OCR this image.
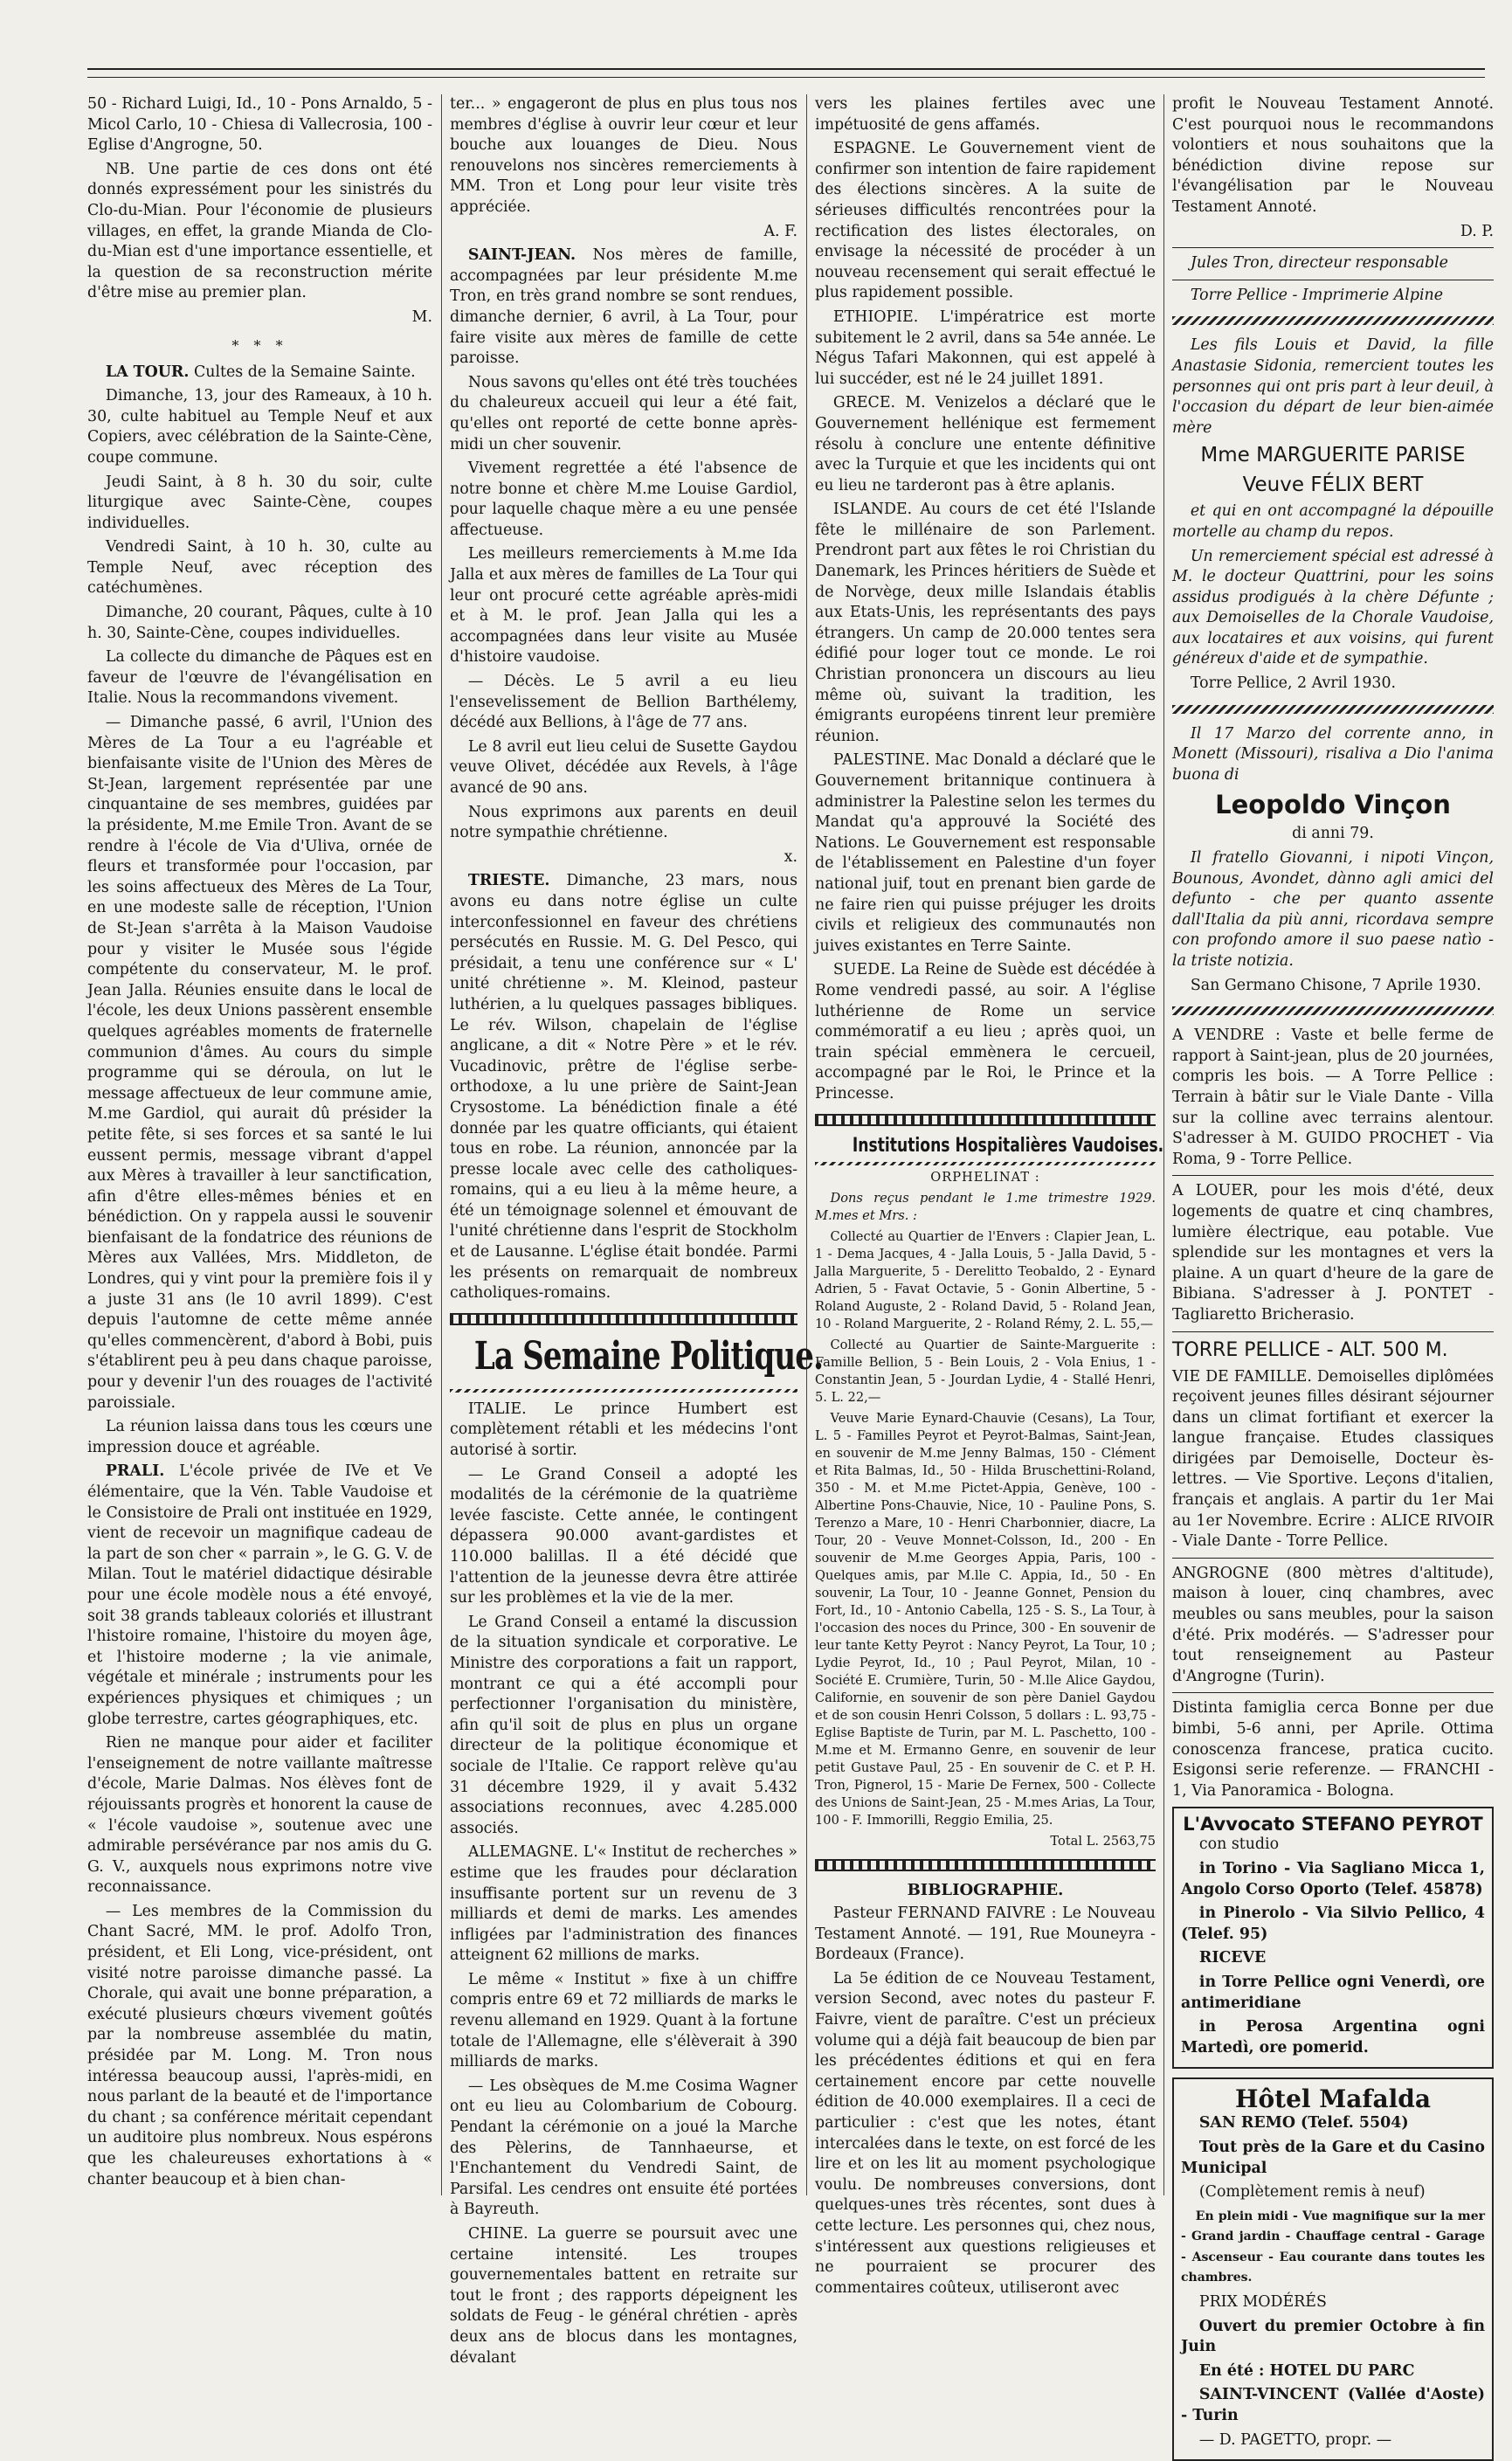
50 - Richard Luigi, Id., 10 - Pons Arnaldo, 5 - Micol Carlo, 10 - Chiesa di Vallecrosia, 100 - Eglise d'Angrogne, 50.

NB. Une partie de ces dons ont été donnés expressément pour les sinistrés du Clo-du-Mian. Pour l'économie de plusieurs villages, en effet, la grande Mianda de Clo-du-Mian est d'une importance essentielle, et la question de sa reconstruction mérite d'être mise au premier plan.

M.

* * *

LA TOUR. Cultes de la Semaine Sainte.

Dimanche, 13, jour des Rameaux, à 10 h. 30, culte habituel au Temple Neuf et aux Copiers, avec célébration de la Sainte-Cène, coupe commune.

Jeudi Saint, à 8 h. 30 du soir, culte liturgique avec Sainte-Cène, coupes individuelles.

Vendredi Saint, à 10 h. 30, culte au Temple Neuf, avec réception des catéchumènes.

Dimanche, 20 courant, Pâques, culte à 10 h. 30, Sainte-Cène, coupes individuelles.

La collecte du dimanche de Pâques est en faveur de l'œuvre de l'évangélisation en Italie. Nous la recommandons vivement.

— Dimanche passé, 6 avril, l'Union des Mères de La Tour a eu l'agréable et bienfaisante visite de l'Union des Mères de St-Jean, largement représentée par une cinquantaine de ses membres, guidées par la présidente, M.me Emile Tron. Avant de se rendre à l'école de Via d'Uliva, ornée de fleurs et transformée pour l'occasion, par les soins affectueux des Mères de La Tour, en une modeste salle de réception, l'Union de St-Jean s'arrêta à la Maison Vaudoise pour y visiter le Musée sous l'égide compétente du conservateur, M. le prof. Jean Jalla. Réunies ensuite dans le local de l'école, les deux Unions passèrent ensemble quelques agréables moments de fraternelle communion d'âmes. Au cours du simple programme qui se déroula, on lut le message affectueux de leur commune amie, M.me Gardiol, qui aurait dû présider la petite fête, si ses forces et sa santé le lui eussent permis, message vibrant d'appel aux Mères à travailler à leur sanctification, afin d'être elles-mêmes bénies et en bénédiction. On y rappela aussi le souvenir bienfaisant de la fondatrice des réunions de Mères aux Vallées, Mrs. Middleton, de Londres, qui y vint pour la première fois il y a juste 31 ans (le 10 avril 1899). C'est depuis l'automne de cette même année qu'elles commencèrent, d'abord à Bobi, puis s'établirent peu à peu dans chaque paroisse, pour y devenir l'un des rouages de l'activité paroissiale.

La réunion laissa dans tous les cœurs une impression douce et agréable.

PRALI. L'école privée de IVe et Ve élémentaire, que la Vén. Table Vaudoise et le Consistoire de Prali ont instituée en 1929, vient de recevoir un magnifique cadeau de la part de son cher « parrain », le G. G. V. de Milan. Tout le matériel didactique désirable pour une école modèle nous a été envoyé, soit 38 grands tableaux coloriés et illustrant l'histoire romaine, l'histoire du moyen âge, et l'histoire moderne ; la vie animale, végétale et minérale ; instruments pour les expériences physiques et chimiques ; un globe terrestre, cartes géographiques, etc.

Rien ne manque pour aider et faciliter l'enseignement de notre vaillante maîtresse d'école, Marie Dalmas. Nos élèves font de réjouissants progrès et honorent la cause de « l'école vaudoise », soutenue avec une admirable persévérance par nos amis du G. G. V., auxquels nous exprimons notre vive reconnaissance.

— Les membres de la Commission du Chant Sacré, MM. le prof. Adolfo Tron, président, et Eli Long, vice-président, ont visité notre paroisse dimanche passé. La Chorale, qui avait une bonne préparation, a exécuté plusieurs chœurs vivement goûtés par la nombreuse assemblée du matin, présidée par M. Long. M. Tron nous intéressa beaucoup aussi, l'après-midi, en nous parlant de la beauté et de l'importance du chant ; sa conférence méritait cependant un auditoire plus nombreux. Nous espérons que les chaleureuses exhortations à « chanter beaucoup et à bien chan-

ter... » engageront de plus en plus tous nos membres d'église à ouvrir leur cœur et leur bouche aux louanges de Dieu. Nous renouvelons nos sincères remerciements à MM. Tron et Long pour leur visite très appréciée.

A. F.

SAINT-JEAN. Nos mères de famille, accompagnées par leur présidente M.me Tron, en très grand nombre se sont rendues, dimanche dernier, 6 avril, à La Tour, pour faire visite aux mères de famille de cette paroisse.

Nous savons qu'elles ont été très touchées du chaleureux accueil qui leur a été fait, qu'elles ont reporté de cette bonne après-midi un cher souvenir.

Vivement regrettée a été l'absence de notre bonne et chère M.me Louise Gardiol, pour laquelle chaque mère a eu une pensée affectueuse.

Les meilleurs remerciements à M.me Ida Jalla et aux mères de familles de La Tour qui leur ont procuré cette agréable après-midi et à M. le prof. Jean Jalla qui les a accompagnées dans leur visite au Musée d'histoire vaudoise.

— Décès. Le 5 avril a eu lieu l'ensevelissement de Bellion Barthélemy, décédé aux Bellions, à l'âge de 77 ans.

Le 8 avril eut lieu celui de Susette Gaydou veuve Olivet, décédée aux Revels, à l'âge avancé de 90 ans.

Nous exprimons aux parents en deuil notre sympathie chrétienne.

x.

TRIESTE. Dimanche, 23 mars, nous avons eu dans notre église un culte interconfessionnel en faveur des chrétiens persécutés en Russie. M. G. Del Pesco, qui présidait, a tenu une conférence sur « L' unité chrétienne ». M. Kleinod, pasteur luthérien, a lu quelques passages bibliques. Le rév. Wilson, chapelain de l'église anglicane, a dit « Notre Père » et le rév. Vucadinovic, prêtre de l'église serbe-orthodoxe, a lu une prière de Saint-Jean Crysostome. La bénédiction finale a été donnée par les quatre officiants, qui étaient tous en robe. La réunion, annoncée par la presse locale avec celle des catholiques-romains, qui a eu lieu à la même heure, a été un témoignage solennel et émouvant de l'unité chrétienne dans l'esprit de Stockholm et de Lausanne. L'église était bondée. Parmi les présents on remarquait de nombreux catholiques-romains.

La Semaine Politique.

ITALIE. Le prince Humbert est complètement rétabli et les médecins l'ont autorisé à sortir.

— Le Grand Conseil a adopté les modalités de la cérémonie de la quatrième levée fasciste. Cette année, le contingent dépassera 90.000 avant-gardistes et 110.000 balillas. Il a été décidé que l'attention de la jeunesse devra être attirée sur les problèmes et la vie de la mer.

Le Grand Conseil a entamé la discussion de la situation syndicale et corporative. Le Ministre des corporations a fait un rapport, montrant ce qui a été accompli pour perfectionner l'organisation du ministère, afin qu'il soit de plus en plus un organe directeur de la politique économique et sociale de l'Italie. Ce rapport relève qu'au 31 décembre 1929, il y avait 5.432 associations reconnues, avec 4.285.000 associés.

ALLEMAGNE. L'« Institut de recherches » estime que les fraudes pour déclaration insuffisante portent sur un revenu de 3 milliards et demi de marks. Les amendes infligées par l'administration des finances atteignent 62 millions de marks.

Le même « Institut » fixe à un chiffre compris entre 69 et 72 milliards de marks le revenu allemand en 1929. Quant à la fortune totale de l'Allemagne, elle s'élèverait à 390 milliards de marks.

— Les obsèques de M.me Cosima Wagner ont eu lieu au Colombarium de Cobourg. Pendant la cérémonie on a joué la Marche des Pèlerins, de Tannhaeurse, et l'Enchantement du Vendredi Saint, de Parsifal. Les cendres ont ensuite été portées à Bayreuth.

CHINE. La guerre se poursuit avec une certaine intensité. Les troupes gouvernementales battent en retraite sur tout le front ; des rapports dépeignent les soldats de Feug - le général chrétien - après deux ans de blocus dans les montagnes, dévalant

vers les plaines fertiles avec une impétuosité de gens affamés.

ESPAGNE. Le Gouvernement vient de confirmer son intention de faire rapidement des élections sincères. A la suite de sérieuses difficultés rencontrées pour la rectification des listes électorales, on envisage la nécessité de procéder à un nouveau recensement qui serait effectué le plus rapidement possible.

ETHIOPIE. L'impératrice est morte subitement le 2 avril, dans sa 54e année. Le Négus Tafari Makonnen, qui est appelé à lui succéder, est né le 24 juillet 1891.

GRECE. M. Venizelos a déclaré que le Gouvernement hellénique est fermement résolu à conclure une entente définitive avec la Turquie et que les incidents qui ont eu lieu ne tarderont pas à être aplanis.

ISLANDE. Au cours de cet été l'Islande fête le millénaire de son Parlement. Prendront part aux fêtes le roi Christian du Danemark, les Princes héritiers de Suède et de Norvège, deux mille Islandais établis aux Etats-Unis, les représentants des pays étrangers. Un camp de 20.000 tentes sera édifié pour loger tout ce monde. Le roi Christian prononcera un discours au lieu même où, suivant la tradition, les émigrants européens tinrent leur première réunion.

PALESTINE. Mac Donald a déclaré que le Gouvernement britannique continuera à administrer la Palestine selon les termes du Mandat qu'a approuvé la Société des Nations. Le Gouvernement est responsable de l'établissement en Palestine d'un foyer national juif, tout en prenant bien garde de ne faire rien qui puisse préjuger les droits civils et religieux des communautés non juives existantes en Terre Sainte.

SUEDE. La Reine de Suède est décédée à Rome vendredi passé, au soir. A l'église luthérienne de Rome un service commémoratif a eu lieu ; après quoi, un train spécial emmènera le cercueil, accompagné par le Roi, le Prince et la Princesse.

Institutions Hospitalières Vaudoises.

ORPHELINAT :

Dons reçus pendant le 1.me trimestre 1929. M.mes et Mrs. :

Collecté au Quartier de l'Envers : Clapier Jean, L. 1 - Dema Jacques, 4 - Jalla Louis, 5 - Jalla David, 5 - Jalla Marguerite, 5 - Derelitto Teobaldo, 2 - Eynard Adrien, 5 - Favat Octavie, 5 - Gonin Albertine, 5 - Roland Auguste, 2 - Roland David, 5 - Roland Jean, 10 - Roland Marguerite, 2 - Roland Rémy, 2. L. 55,—

Collecté au Quartier de Sainte-Marguerite : Famille Bellion, 5 - Bein Louis, 2 - Vola Enius, 1 - Constantin Jean, 5 - Jourdan Lydie, 4 - Stallé Henri, 5. L. 22,—

Veuve Marie Eynard-Chauvie (Cesans), La Tour, L. 5 - Familles Peyrot et Peyrot-Balmas, Saint-Jean, en souvenir de M.me Jenny Balmas, 150 - Clément et Rita Balmas, Id., 50 - Hilda Bruschettini-Roland, 350 - M. et M.me Pictet-Appia, Genève, 100 - Albertine Pons-Chauvie, Nice, 10 - Pauline Pons, S. Terenzo a Mare, 10 - Henri Charbonnier, diacre, La Tour, 20 - Veuve Monnet-Colsson, Id., 200 - En souvenir de M.me Georges Appia, Paris, 100 - Quelques amis, par M.lle C. Appia, Id., 50 - En souvenir, La Tour, 10 - Jeanne Gonnet, Pension du Fort, Id., 10 - Antonio Cabella, 125 - S. S., La Tour, à l'occasion des noces du Prince, 300 - En souvenir de leur tante Ketty Peyrot : Nancy Peyrot, La Tour, 10 ; Lydie Peyrot, Id., 10 ; Paul Peyrot, Milan, 10 - Société E. Crumière, Turin, 50 - M.lle Alice Gaydou, Californie, en souvenir de son père Daniel Gaydou et de son cousin Henri Colsson, 5 dollars : L. 93,75 - Eglise Baptiste de Turin, par M. L. Paschetto, 100 - M.me et M. Ermanno Genre, en souvenir de leur petit Gustave Paul, 25 - En souvenir de C. et P. H. Tron, Pignerol, 15 - Marie De Fernex, 500 - Collecte des Unions de Saint-Jean, 25 - M.mes Arias, La Tour, 100 - F. Immorilli, Reggio Emilia, 25.

Total L. 2563,75

BIBLIOGRAPHIE.

Pasteur FERNAND FAIVRE : Le Nouveau Testament Annoté. — 191, Rue Mouneyra - Bordeaux (France).

La 5e édition de ce Nouveau Testament, version Second, avec notes du pasteur F. Faivre, vient de paraître. C'est un précieux volume qui a déjà fait beaucoup de bien par les précédentes éditions et qui en fera certainement encore par cette nouvelle édition de 40.000 exemplaires. Il a ceci de particulier : c'est que les notes, étant intercalées dans le texte, on est forcé de les lire et on les lit au moment psychologique voulu. De nombreuses conversions, dont quelques-unes très récentes, sont dues à cette lecture. Les personnes qui, chez nous, s'intéressent aux questions religieuses et ne pourraient se procurer des commentaires coûteux, utiliseront avec

profit le Nouveau Testament Annoté. C'est pourquoi nous le recommandons volontiers et nous souhaitons que la bénédiction divine repose sur l'évangélisation par le Nouveau Testament Annoté.

D. P.

Jules Tron, directeur responsable

Torre Pellice - Imprimerie Alpine

Les fils Louis et David, la fille Anastasie Sidonia, remercient toutes les personnes qui ont pris part à leur deuil, à l'occasion du départ de leur bien-aimée mère

Mme MARGUERITE PARISE

Veuve FÉLIX BERT

et qui en ont accompagné la dépouille mortelle au champ du repos.

Un remerciement spécial est adressé à M. le docteur Quattrini, pour les soins assidus prodigués à la chère Défunte ; aux Demoiselles de la Chorale Vaudoise, aux locataires et aux voisins, qui furent généreux d'aide et de sympathie.

Torre Pellice, 2 Avril 1930.

Il 17 Marzo del corrente anno, in Monett (Missouri), risaliva a Dio l'anima buona di

Leopoldo Vinçon

di anni 79.

Il fratello Giovanni, i nipoti Vinçon, Bounous, Avondet, dànno agli amici del defunto - che per quanto assente dall'Italia da più anni, ricordava sempre con profondo amore il suo paese natìo - la triste notizia.

San Germano Chisone, 7 Aprile 1930.

A VENDRE : Vaste et belle ferme de rapport à Saint-jean, plus de 20 journées, compris les bois. — A Torre Pellice : Terrain à bâtir sur le Viale Dante - Villa sur la colline avec terrains alentour. S'adresser à M. GUIDO PROCHET - Via Roma, 9 - Torre Pellice.

A LOUER, pour les mois d'été, deux logements de quatre et cinq chambres, lumière électrique, eau potable. Vue splendide sur les montagnes et vers la plaine. A un quart d'heure de la gare de Bibiana. S'adresser à J. PONTET - Tagliaretto Bricherasio.

TORRE PELLICE - ALT. 500 M.

VIE DE FAMILLE. Demoiselles diplômées reçoivent jeunes filles désirant séjourner dans un climat fortifiant et exercer la langue française. Etudes classiques dirigées par Demoiselle, Docteur ès-lettres. — Vie Sportive. Leçons d'italien, français et anglais. A partir du 1er Mai au 1er Novembre. Ecrire : ALICE RIVOIR - Viale Dante - Torre Pellice.

ANGROGNE (800 mètres d'altitude), maison à louer, cinq chambres, avec meubles ou sans meubles, pour la saison d'été. Prix modérés. — S'adresser pour tout renseignement au Pasteur d'Angrogne (Turin).

Distinta famiglia cerca Bonne per due bimbi, 5-6 anni, per Aprile. Ottima conoscenza francese, pratica cucito. Esigonsi serie referenze. — FRANCHI - 1, Via Panoramica - Bologna.

L'Avvocato STEFANO PEYROT

con studio

in Torino - Via Sagliano Micca 1, Angolo Corso Oporto (Telef. 45878)

in Pinerolo - Via Silvio Pellico, 4 (Telef. 95)

RICEVE

in Torre Pellice ogni Venerdì, ore antimeridiane

in Perosa Argentina ogni Martedì, ore pomerid.

Hôtel Mafalda

SAN REMO (Telef. 5504)

Tout près de la Gare et du Casino Municipal

(Complètement remis à neuf)

En plein midi - Vue magnifique sur la mer - Grand jardin - Chauffage central - Garage - Ascenseur - Eau courante dans toutes les chambres.

PRIX MODÉRÉS

Ouvert du premier Octobre à fin Juin

En été : HOTEL DU PARC

SAINT-VINCENT (Vallée d'Aoste) - Turin

— D. PAGETTO, propr. —
